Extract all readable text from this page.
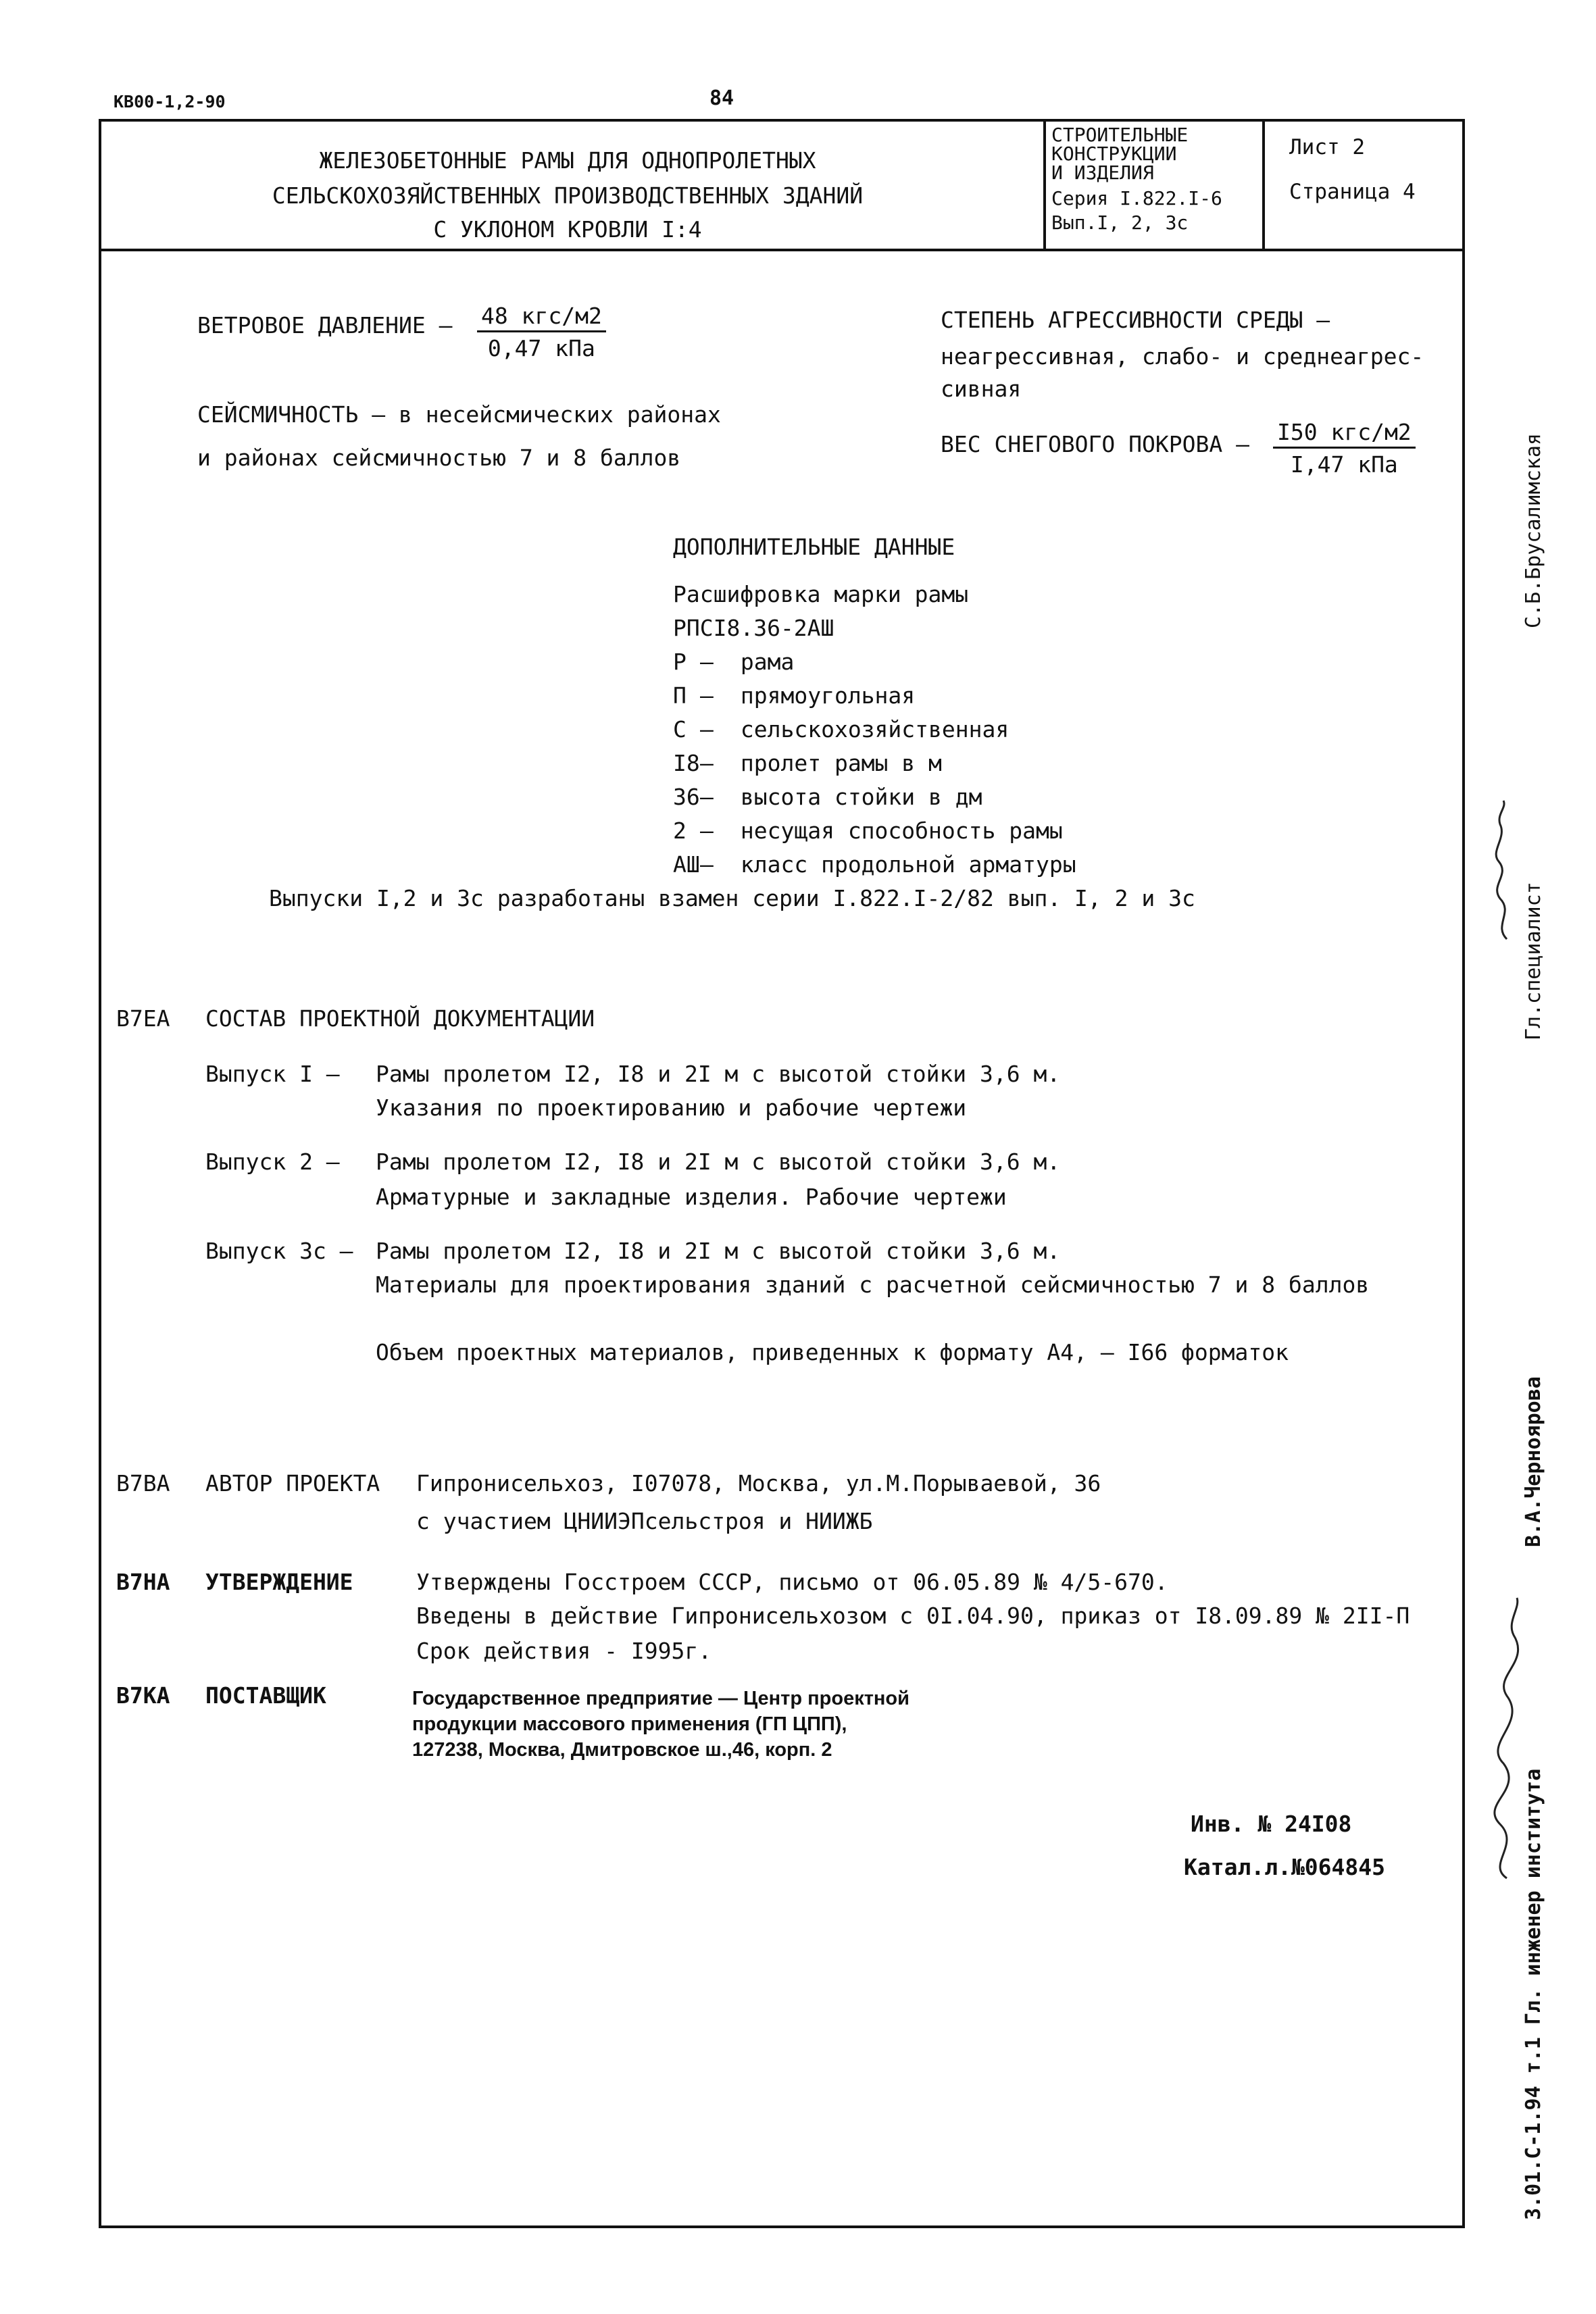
КВ00-1,2-90	84
ЖЕЛЕЗОБЕТОННЫЕ РАМЫ ДЛЯ ОДНОПРОЛЕТНЫХ
СЕЛЬСКОХОЗЯЙСТВЕННЫХ ПРОИЗВОДСТВЕННЫХ ЗДАНИЙ
С УКЛОНОМ КРОВЛИ I:4
СТРОИТЕЛЬНЫЕ
КОНСТРУКЦИИ
И ИЗДЕЛИЯ
Серия I.822.I-6
Вып.I, 2, 3с
Лист 2
Страница 4
ВЕТРОВОЕ ДАВЛЕНИЕ – 48 кгс/м2
0,47 кПа
СЕЙСМИЧНОСТЬ – в несейсмических районах
и районах сейсмичностью 7 и 8 баллов
СТЕПЕНЬ АГРЕССИВНОСТИ СРЕДЫ –
неагрессивная, слабо- и среднеагрес-
сивная
ВЕС СНЕГОВОГО ПОКРОВА – I50 кгс/м2
I,47 кПа
ДОПОЛНИТЕЛЬНЫЕ ДАННЫЕ
Расшифровка марки рамы
РПСI8.36-2АШ
Р – рама
П – прямоугольная
С – сельскохозяйственная
I8– пролет рамы в м
36– высота стойки в дм
2 – несущая способность рамы
АШ– класс продольной арматуры
Выпуски I,2 и 3с разработаны взамен серии I.822.I-2/82 вып. I, 2 и 3с
В7ЕА СОСТАВ ПРОЕКТНОЙ ДОКУМЕНТАЦИИ
Выпуск I – Рамы пролетом I2, I8 и 2I м с высотой стойки 3,6 м.
Указания по проектированию и рабочие чертежи
Выпуск 2 – Рамы пролетом I2, I8 и 2I м с высотой стойки 3,6 м.
Арматурные и закладные изделия. Рабочие чертежи
Выпуск 3с – Рамы пролетом I2, I8 и 2I м с высотой стойки 3,6 м.
Материалы для проектирования зданий с расчетной сейсмичностью 7 и 8 баллов
Объем проектных материалов, приведенных к формату А4, – I66 форматок
В7ВА АВТОР ПРОЕКТА Гипронисельхоз, I07078, Москва, ул.М.Порываевой, 36
с участием ЦНИИЭПсельстроя и НИИЖБ
В7НА УТВЕРЖДЕНИЕ	Утверждены Госстроем СССР, письмо от 06.05.89 № 4/5-670.
Введены в действие Гипронисельхозом с 0I.04.90, приказ от I8.09.89 № 2II-П
Срок действия - I995г.
В7КА ПОСТАВЩИК	Государственное предприятие — Центр проектной
продукции массового применения (ГП ЦПП),
127238, Москва, Дмитровское ш.,46, корп. 2
Инв. № 24I08
Катал.л.№064845
Гл.специалист
С.Б.Брусалимская
В.А.Черноярова
3.01.С-1.94 т.1 Гл. инженер института
